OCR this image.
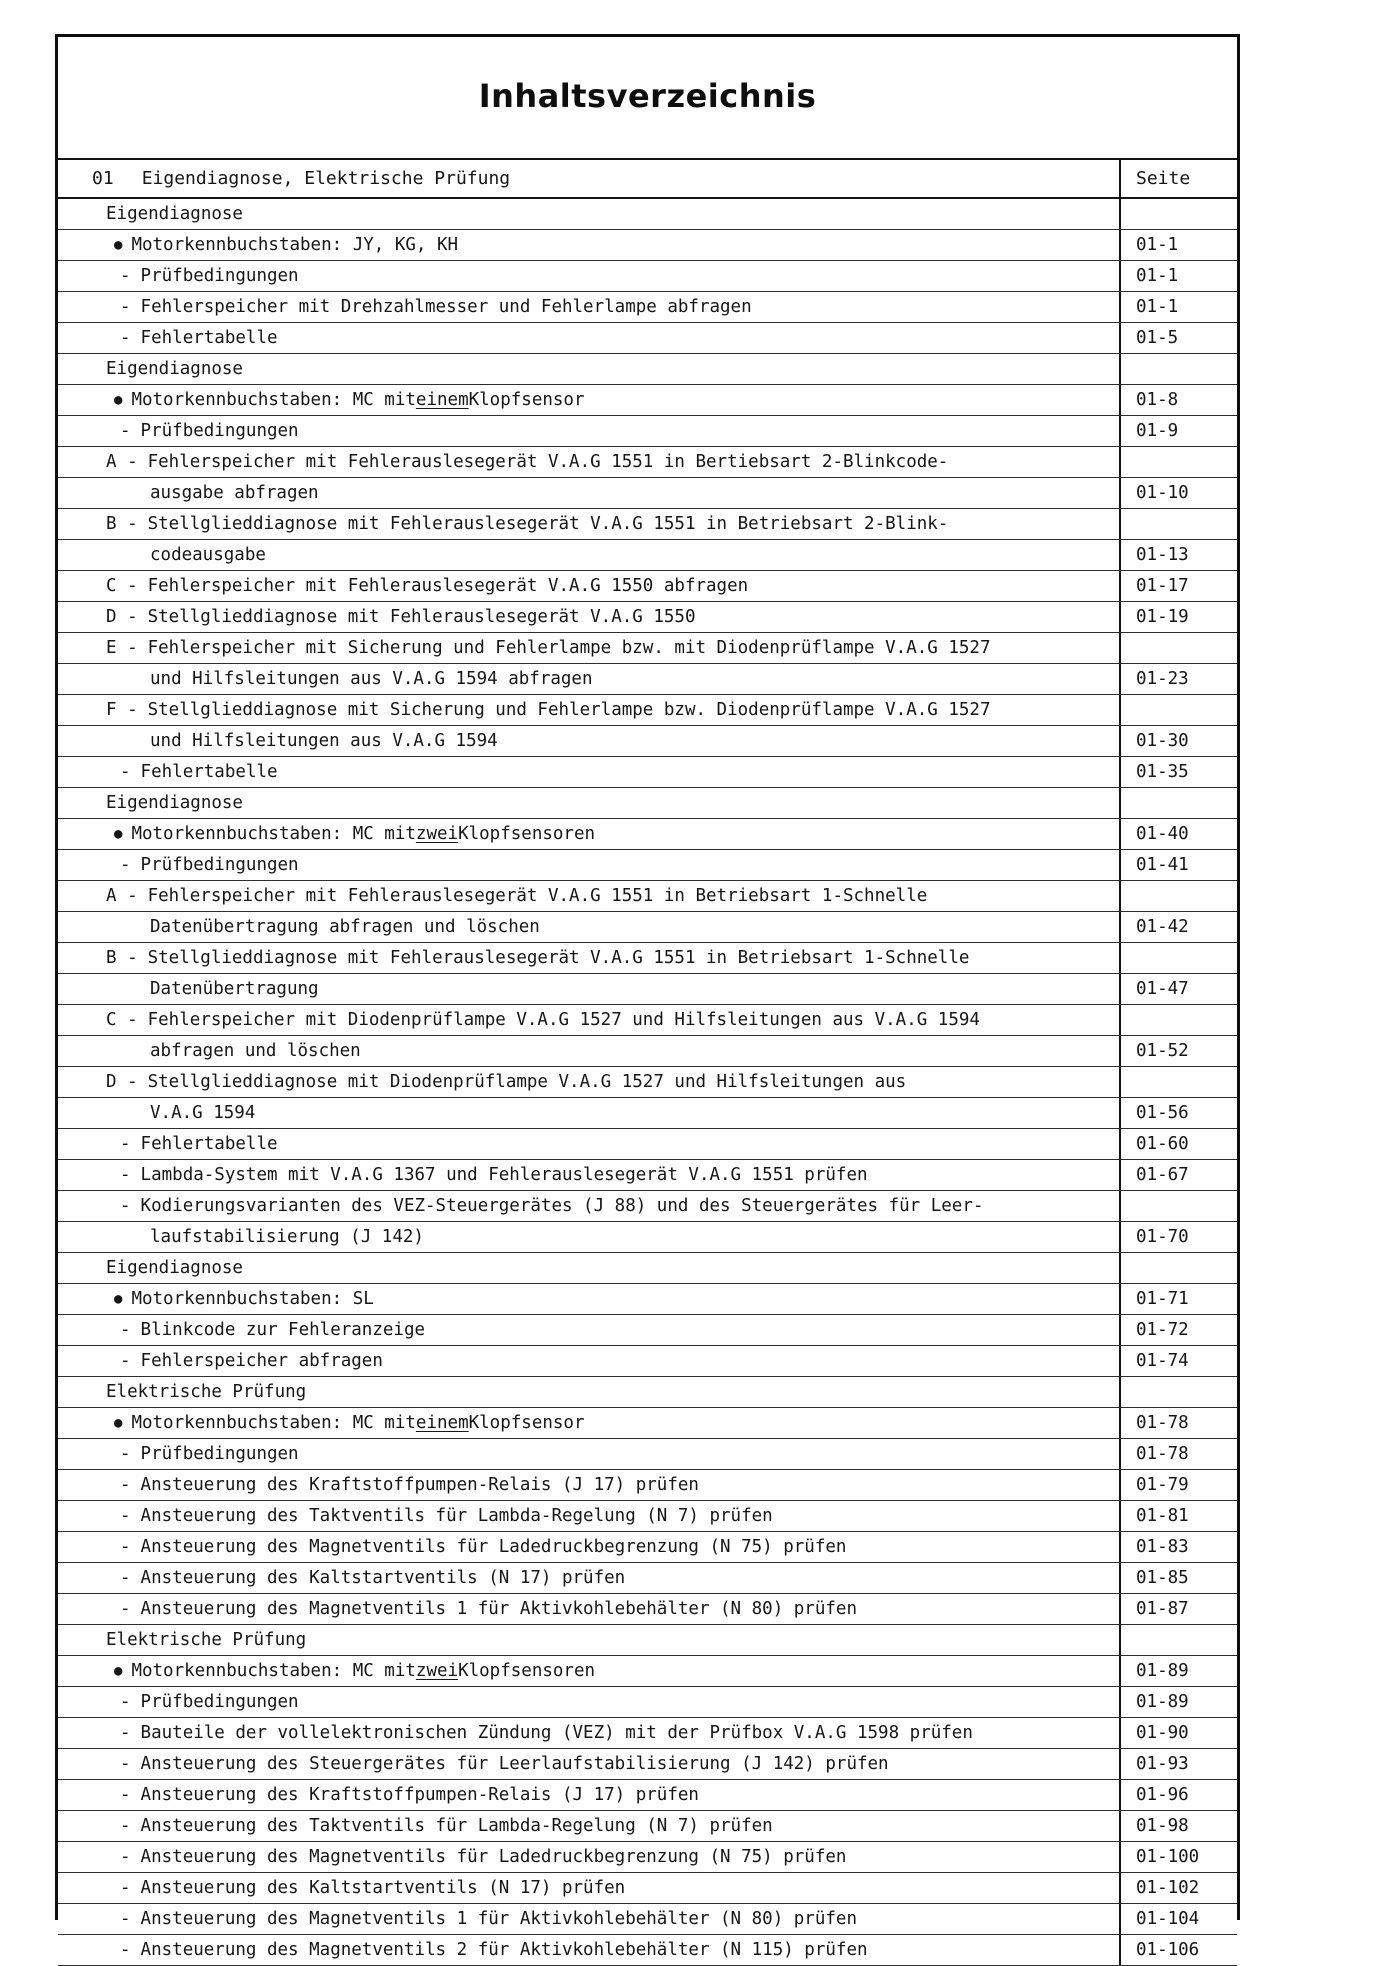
Inhaltsverzeichnis
01 Eigendiagnose, Elektrische Prüfung	Seite
Eigendiagnose
● Motorkennbuchstaben: JY, KG, KH	01-1
- Prüfbedingungen	01-1
- Fehlerspeicher mit Drehzahlmesser und Fehlerlampe abfragen	01-1
- Fehlertabelle	01-5
Eigendiagnose
● Motorkennbuchstaben: MC mit einem Klopfsensor	01-8
- Prüfbedingungen	01-9
A - Fehlerspeicher mit Fehlerauslesegerät V.A.G 1551 in Bertiebsart 2-Blinkcode-
ausgabe abfragen	01-10
B - Stellglieddiagnose mit Fehlerauslesegerät V.A.G 1551 in Betriebsart 2-Blink-
codeausgabe	01-13
C - Fehlerspeicher mit Fehlerauslesegerät V.A.G 1550 abfragen	01-17
D - Stellglieddiagnose mit Fehlerauslesegerät V.A.G 1550	01-19
E - Fehlerspeicher mit Sicherung und Fehlerlampe bzw. mit Diodenprüflampe V.A.G 1527
und Hilfsleitungen aus V.A.G 1594 abfragen	01-23
F - Stellglieddiagnose mit Sicherung und Fehlerlampe bzw. Diodenprüflampe V.A.G 1527
und Hilfsleitungen aus V.A.G 1594	01-30
- Fehlertabelle	01-35
Eigendiagnose
● Motorkennbuchstaben: MC mit zwei Klopfsensoren	01-40
- Prüfbedingungen	01-41
A - Fehlerspeicher mit Fehlerauslesegerät V.A.G 1551 in Betriebsart 1-Schnelle
Datenübertragung abfragen und löschen	01-42
B - Stellglieddiagnose mit Fehlerauslesegerät V.A.G 1551 in Betriebsart 1-Schnelle
Datenübertragung	01-47
C - Fehlerspeicher mit Diodenprüflampe V.A.G 1527 und Hilfsleitungen aus V.A.G 1594
abfragen und löschen	01-52
D - Stellglieddiagnose mit Diodenprüflampe V.A.G 1527 und Hilfsleitungen aus
V.A.G 1594	01-56
- Fehlertabelle	01-60
- Lambda-System mit V.A.G 1367 und Fehlerauslesegerät V.A.G 1551 prüfen	01-67
- Kodierungsvarianten des VEZ-Steuergerätes (J 88) und des Steuergerätes für Leer-
laufstabilisierung (J 142)	01-70
Eigendiagnose
● Motorkennbuchstaben: SL	01-71
- Blinkcode zur Fehleranzeige	01-72
- Fehlerspeicher abfragen	01-74
Elektrische Prüfung
● Motorkennbuchstaben: MC mit einem Klopfsensor	01-78
- Prüfbedingungen	01-78
- Ansteuerung des Kraftstoffpumpen-Relais (J 17) prüfen	01-79
- Ansteuerung des Taktventils für Lambda-Regelung (N 7) prüfen	01-81
- Ansteuerung des Magnetventils für Ladedruckbegrenzung (N 75) prüfen	01-83
- Ansteuerung des Kaltstartventils (N 17) prüfen	01-85
- Ansteuerung des Magnetventils 1 für Aktivkohlebehälter (N 80) prüfen	01-87
Elektrische Prüfung
● Motorkennbuchstaben: MC mit zwei Klopfsensoren	01-89
- Prüfbedingungen	01-89
- Bauteile der vollelektronischen Zündung (VEZ) mit der Prüfbox V.A.G 1598 prüfen	01-90
- Ansteuerung des Steuergerätes für Leerlaufstabilisierung (J 142) prüfen	01-93
- Ansteuerung des Kraftstoffpumpen-Relais (J 17) prüfen	01-96
- Ansteuerung des Taktventils für Lambda-Regelung (N 7) prüfen	01-98
- Ansteuerung des Magnetventils für Ladedruckbegrenzung (N 75) prüfen	01-100
- Ansteuerung des Kaltstartventils (N 17) prüfen	01-102
- Ansteuerung des Magnetventils 1 für Aktivkohlebehälter (N 80) prüfen	01-104
- Ansteuerung des Magnetventils 2 für Aktivkohlebehälter (N 115) prüfen	01-106
